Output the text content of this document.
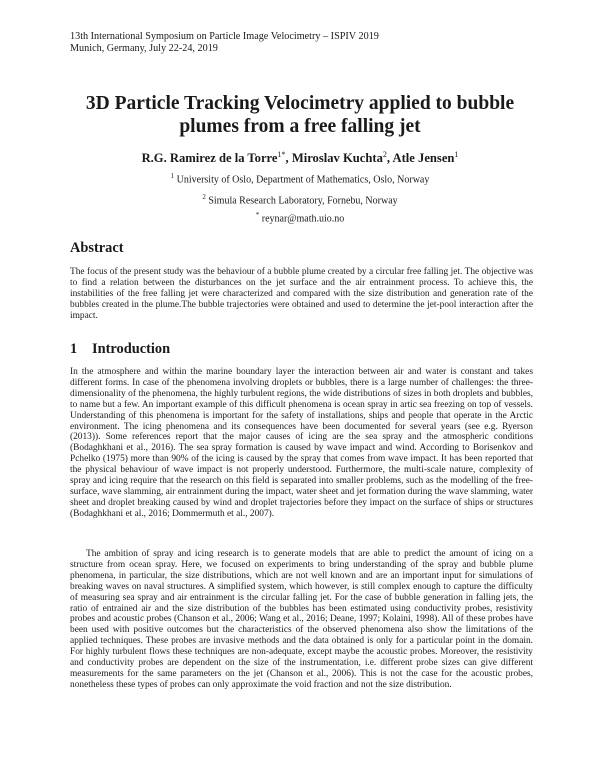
13th International Symposium on Particle Image Velocimetry – ISPIV 2019
Munich, Germany, July 22-24, 2019
3D Particle Tracking Velocimetry applied to bubble
plumes from a free falling jet
R.G. Ramirez de la Torre$^{1*}$, Miroslav Kuchta$^2$, Atle Jensen$^1$
$^1$ University of Oslo, Department of Mathematics, Oslo, Norway
$^2$ Simula Research Laboratory, Fornebu, Norway
* reynar@math.uio.no
Abstract

The focus of the present study was the behaviour of a bubble plume created by a circular free falling jet. The objective was to find a relation between the disturbances on the jet surface and the air entrainment process. To achieve this, the instabilities of the free falling jet were characterized and compared with the size distribution and generation rate of the bubbles created in the plume.The bubble trajectories were obtained and used to determine the jet-pool interaction after the impact.

1 Introduction

In the atmosphere and within the marine boundary layer the interaction between air and water is constant and takes different forms. In case of the phenomena involving droplets or bubbles, there is a large number of challenges: the three-dimensionality of the phenomena, the highly turbulent regions, the wide distributions of sizes in both droplets and bubbles, to name but a few. An important example of this difficult phenomena is ocean spray in artic sea freezing on top of vessels. Understanding of this phenomena is important for the safety of installations, ships and people that operate in the Arctic environment. The icing phenomena and its consequences have been documented for several years (see e.g. Ryerson (2013)). Some references report that the major causes of icing are the sea spray and the atmospheric conditions (Bodaghkhani et al., 2016). The sea spray formation is caused by wave impact and wind. According to Borisenkov and Pchelko (1975) more than 90% of the icing is caused by the spray that comes from wave impact. It has been reported that the physical behaviour of wave impact is not properly understood. Furthermore, the multi-scale nature, complexity of spray and icing require that the research on this field is separated into smaller problems, such as the modelling of the free-surface, wave slamming, air entrainment during the impact, water sheet and jet formation during the wave slamming, water sheet and droplet breaking caused by wind and droplet trajectories before they impact on the surface of ships or structures (Bodaghkhani et al., 2016; Dommermuth et al., 2007).

The ambition of spray and icing research is to generate models that are able to predict the amount of icing on a structure from ocean spray. Here, we focused on experiments to bring understanding of the spray and bubble plume phenomena, in particular, the size distributions, which are not well known and are an important input for simulations of breaking waves on naval structures. A simplified system, which however, is still complex enough to capture the difficulty of measuring sea spray and air entrainment is the circular falling jet. For the case of bubble generation in falling jets, the ratio of entrained air and the size distribution of the bubbles has been estimated using conductivity probes, resistivity probes and acoustic probes (Chanson et al., 2006; Wang et al., 2016; Deane, 1997; Kolaini, 1998). All of these probes have been used with positive outcomes but the characteristics of the observed phenomena also show the limitations of the applied techniques. These probes are invasive methods and the data obtained is only for a particular point in the domain. For highly turbulent flows these techniques are non-adequate, except maybe the acoustic probes. Moreover, the resistivity and conductivity probes are dependent on the size of the instrumentation, i.e. different probe sizes can give different measurements for the same parameters on the jet (Chanson et al., 2006). This is not the case for the acoustic probes, nonetheless these types of probes can only approximate the void fraction and not the size distribution.
